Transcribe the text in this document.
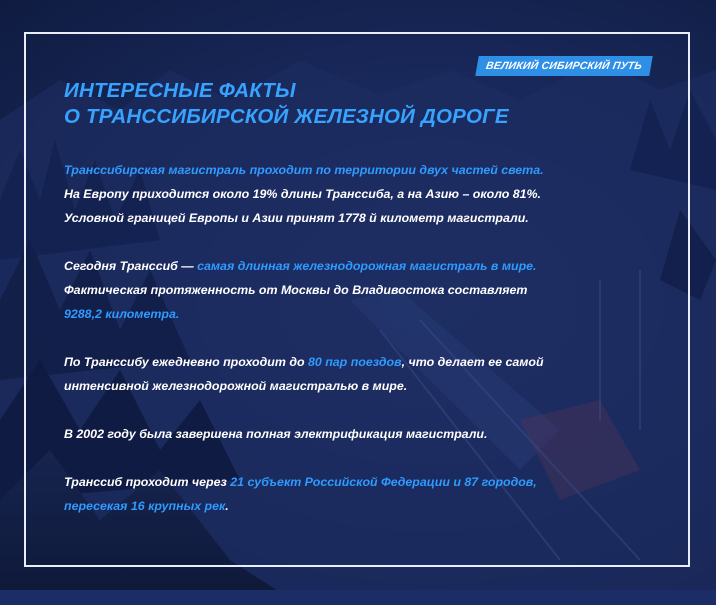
ВЕЛИКИЙ СИБИРСКИЙ ПУТЬ
ИНТЕРЕСНЫЕ ФАКТЫ
О ТРАНССИБИРСКОЙ ЖЕЛЕЗНОЙ ДОРОГЕ

Транссибирская магистраль проходит по территории двух частей света.

На Европу приходится около 19% длины Транссиба, а на Азию – около 81%.

Условной границей Европы и Азии принят 1778 й километр магистрали.

Сегодня Транссиб — самая длинная железнодорожная магистраль в мире.

Фактическая протяженность от Москвы до Владивостока составляет

9288,2 километра.

По Транссибу ежедневно проходит до 80 пар поездов, что делает ее самой

интенсивной железнодорожной магистралью в мире.

В 2002 году была завершена полная электрификация магистрали.

Транссиб проходит через 21 субъект Российской Федерации и 87 городов,

пересекая 16 крупных рек.
